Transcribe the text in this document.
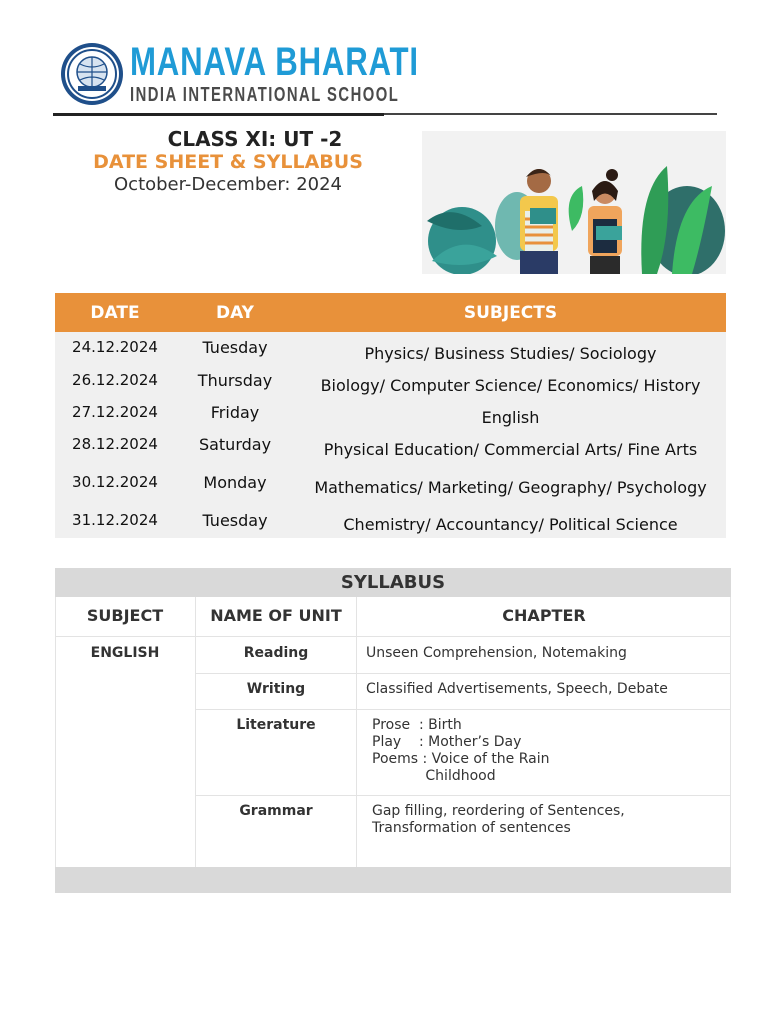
MANAVA BHARATI
INDIA INTERNATIONAL SCHOOL
CLASS XI: UT -2
DATE SHEET & SYLLABUS
October-December: 2024
DATE	DAY	SUBJECTS
24.12.2024	Tuesday	Physics/ Business Studies/ Sociology
26.12.2024	Thursday	Biology/ Computer Science/ Economics/ History
27.12.2024	Friday	English
28.12.2024	Saturday	Physical Education/ Commercial Arts/ Fine Arts
30.12.2024	Monday	Mathematics/ Marketing/ Geography/ Psychology
31.12.2024	Tuesday	Chemistry/ Accountancy/ Political Science
SYLLABUS
SUBJECT	NAME OF UNIT	CHAPTER
ENGLISH	Reading	Unseen Comprehension, Notemaking
Writing	Classified Advertisements, Speech, Debate
Literature	Prose  : Birth
Play    : Mother’s Day
Poems : Voice of the Rain
Childhood
Grammar	Gap filling, reordering of Sentences,
Transformation of sentences
